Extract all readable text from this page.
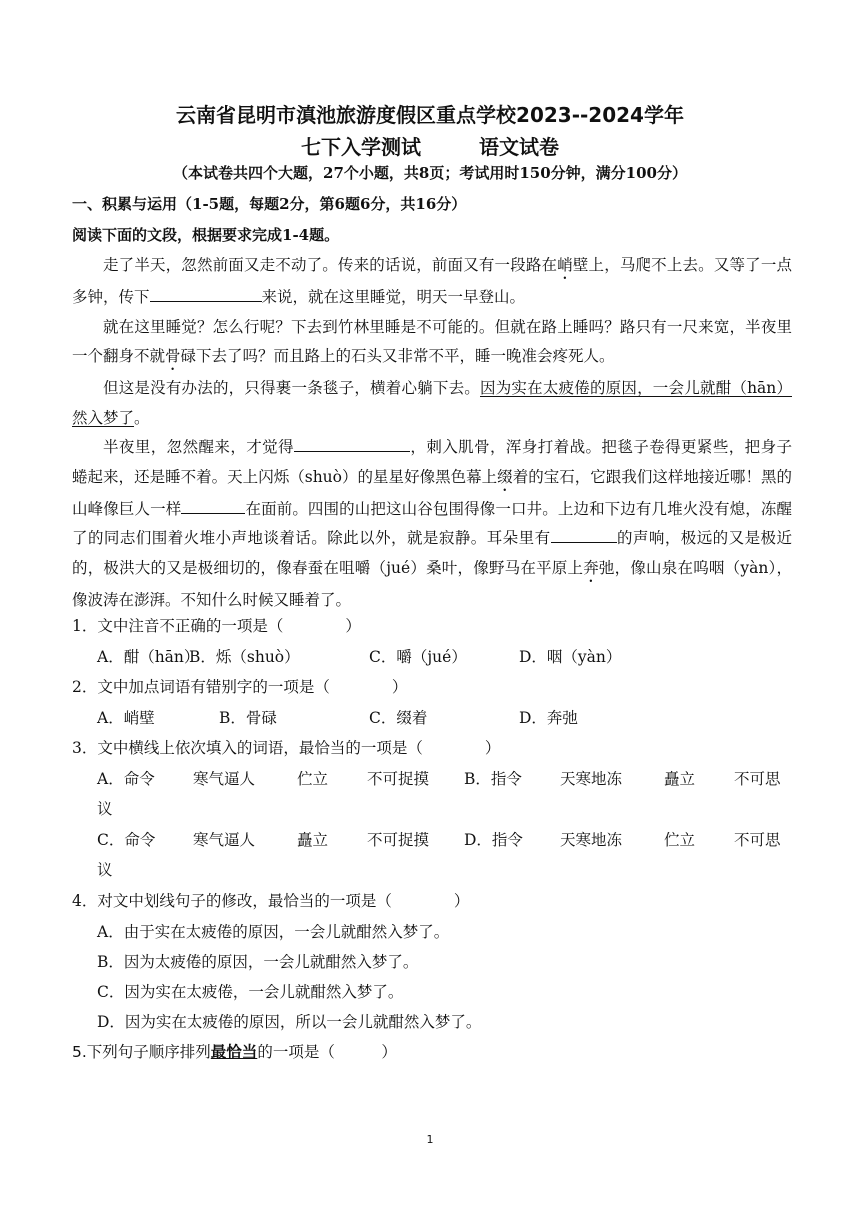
云南省昆明市滇池旅游度假区重点学校2023--2024学年
七下入学测试	语文试卷
（本试卷共四个大题，27个小题，共8页；考试用时150分钟，满分100分）
一、积累与运用（1-5题，每题2分，第6题6分，共16分）
阅读下面的文段，根据要求完成1-4题。

走了半天，忽然前面又走不动了。传来的话说，前面又有一段路在峭壁上，马爬不上去。又等了一点多钟，传下	来说，就在这里睡觉，明天一早登山。

就在这里睡觉？怎么行呢？下去到竹林里睡是不可能的。但就在路上睡吗？路只有一尺来宽，半夜里一个翻身不就骨碌下去了吗？而且路上的石头又非常不平，睡一晚准会疼死人。

但这是没有办法的，只得裹一条毯子，横着心躺下去。因为实在太疲倦的原因，一会儿就酣（hān）然入梦了。

半夜里，忽然醒来，才觉得	，刺入肌骨，浑身打着战。把毯子卷得更紧些，把身子蜷起来，还是睡不着。天上闪烁（shuò）的星星好像黑色幕上缀着的宝石，它跟我们这样地接近哪！黑的山峰像巨人一样	在面前。四围的山把这山谷包围得像一口井。上边和下边有几堆火没有熄，冻醒了的同志们围着火堆小声地谈着话。除此以外，就是寂静。耳朵里有	的声响，极远的又是极近的，极洪大的又是极细切的，像春蚕在咀嚼（jué）桑叶，像野马在平原上奔弛，像山泉在呜咽（yàn），像波涛在澎湃。不知什么时候又睡着了。

1．文中注音不正确的一项是（　　　　）
A．酣（hān）
B．烁（shuò）	C．嚼（jué）	D．咽（yàn）
2．文中加点词语有错别字的一项是（　　　　）
A．峭壁	B．骨碌	C．缀着	D．奔弛
3．文中横线上依次填入的词语，最恰当的一项是（　　　　）
A．命令 寒气逼人	伫立	不可捉摸 B．指令 天寒地冻	矗立	不可思
议
C．命令 寒气逼人	矗立	不可捉摸 D．指令 天寒地冻	伫立	不可思
议
4．对文中划线句子的修改，最恰当的一项是（　　　　）
A．由于实在太疲倦的原因，一会儿就酣然入梦了。
B．因为太疲倦的原因，一会儿就酣然入梦了。
C．因为实在太疲倦，一会儿就酣然入梦了。
D．因为实在太疲倦的原因，所以一会儿就酣然入梦了。
5.下列句子顺序排列最恰当的一项是（　　　）
1
